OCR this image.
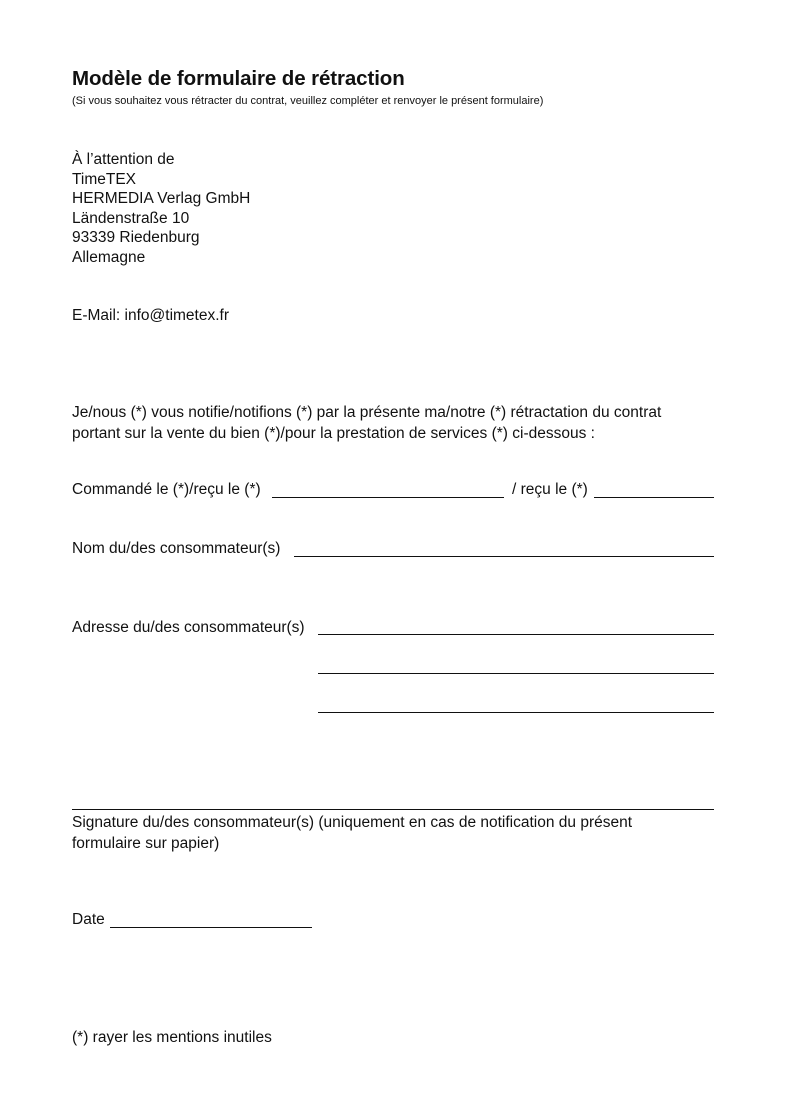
Modèle de formulaire de rétraction
(Si vous souhaitez vous rétracter du contrat, veuillez compléter et renvoyer le présent formulaire)
À l’attention de
TimeTEX
HERMEDIA Verlag GmbH
Ländenstraße 10
93339 Riedenburg
Allemagne
E-Mail: info@timetex.fr
Je/nous (*) vous notifie/notifions (*) par la présente ma/notre (*) rétractation du contrat
portant sur la vente du bien (*)/pour la prestation de services (*) ci-dessous :
Commandé le (*)/reçu le (*)	/ reçu le (*)
Nom du/des consommateur(s)
Adresse du/des consommateur(s)
Signature du/des consommateur(s) (uniquement en cas de notification du présent
formulaire sur papier)
Date
(*) rayer les mentions inutiles
